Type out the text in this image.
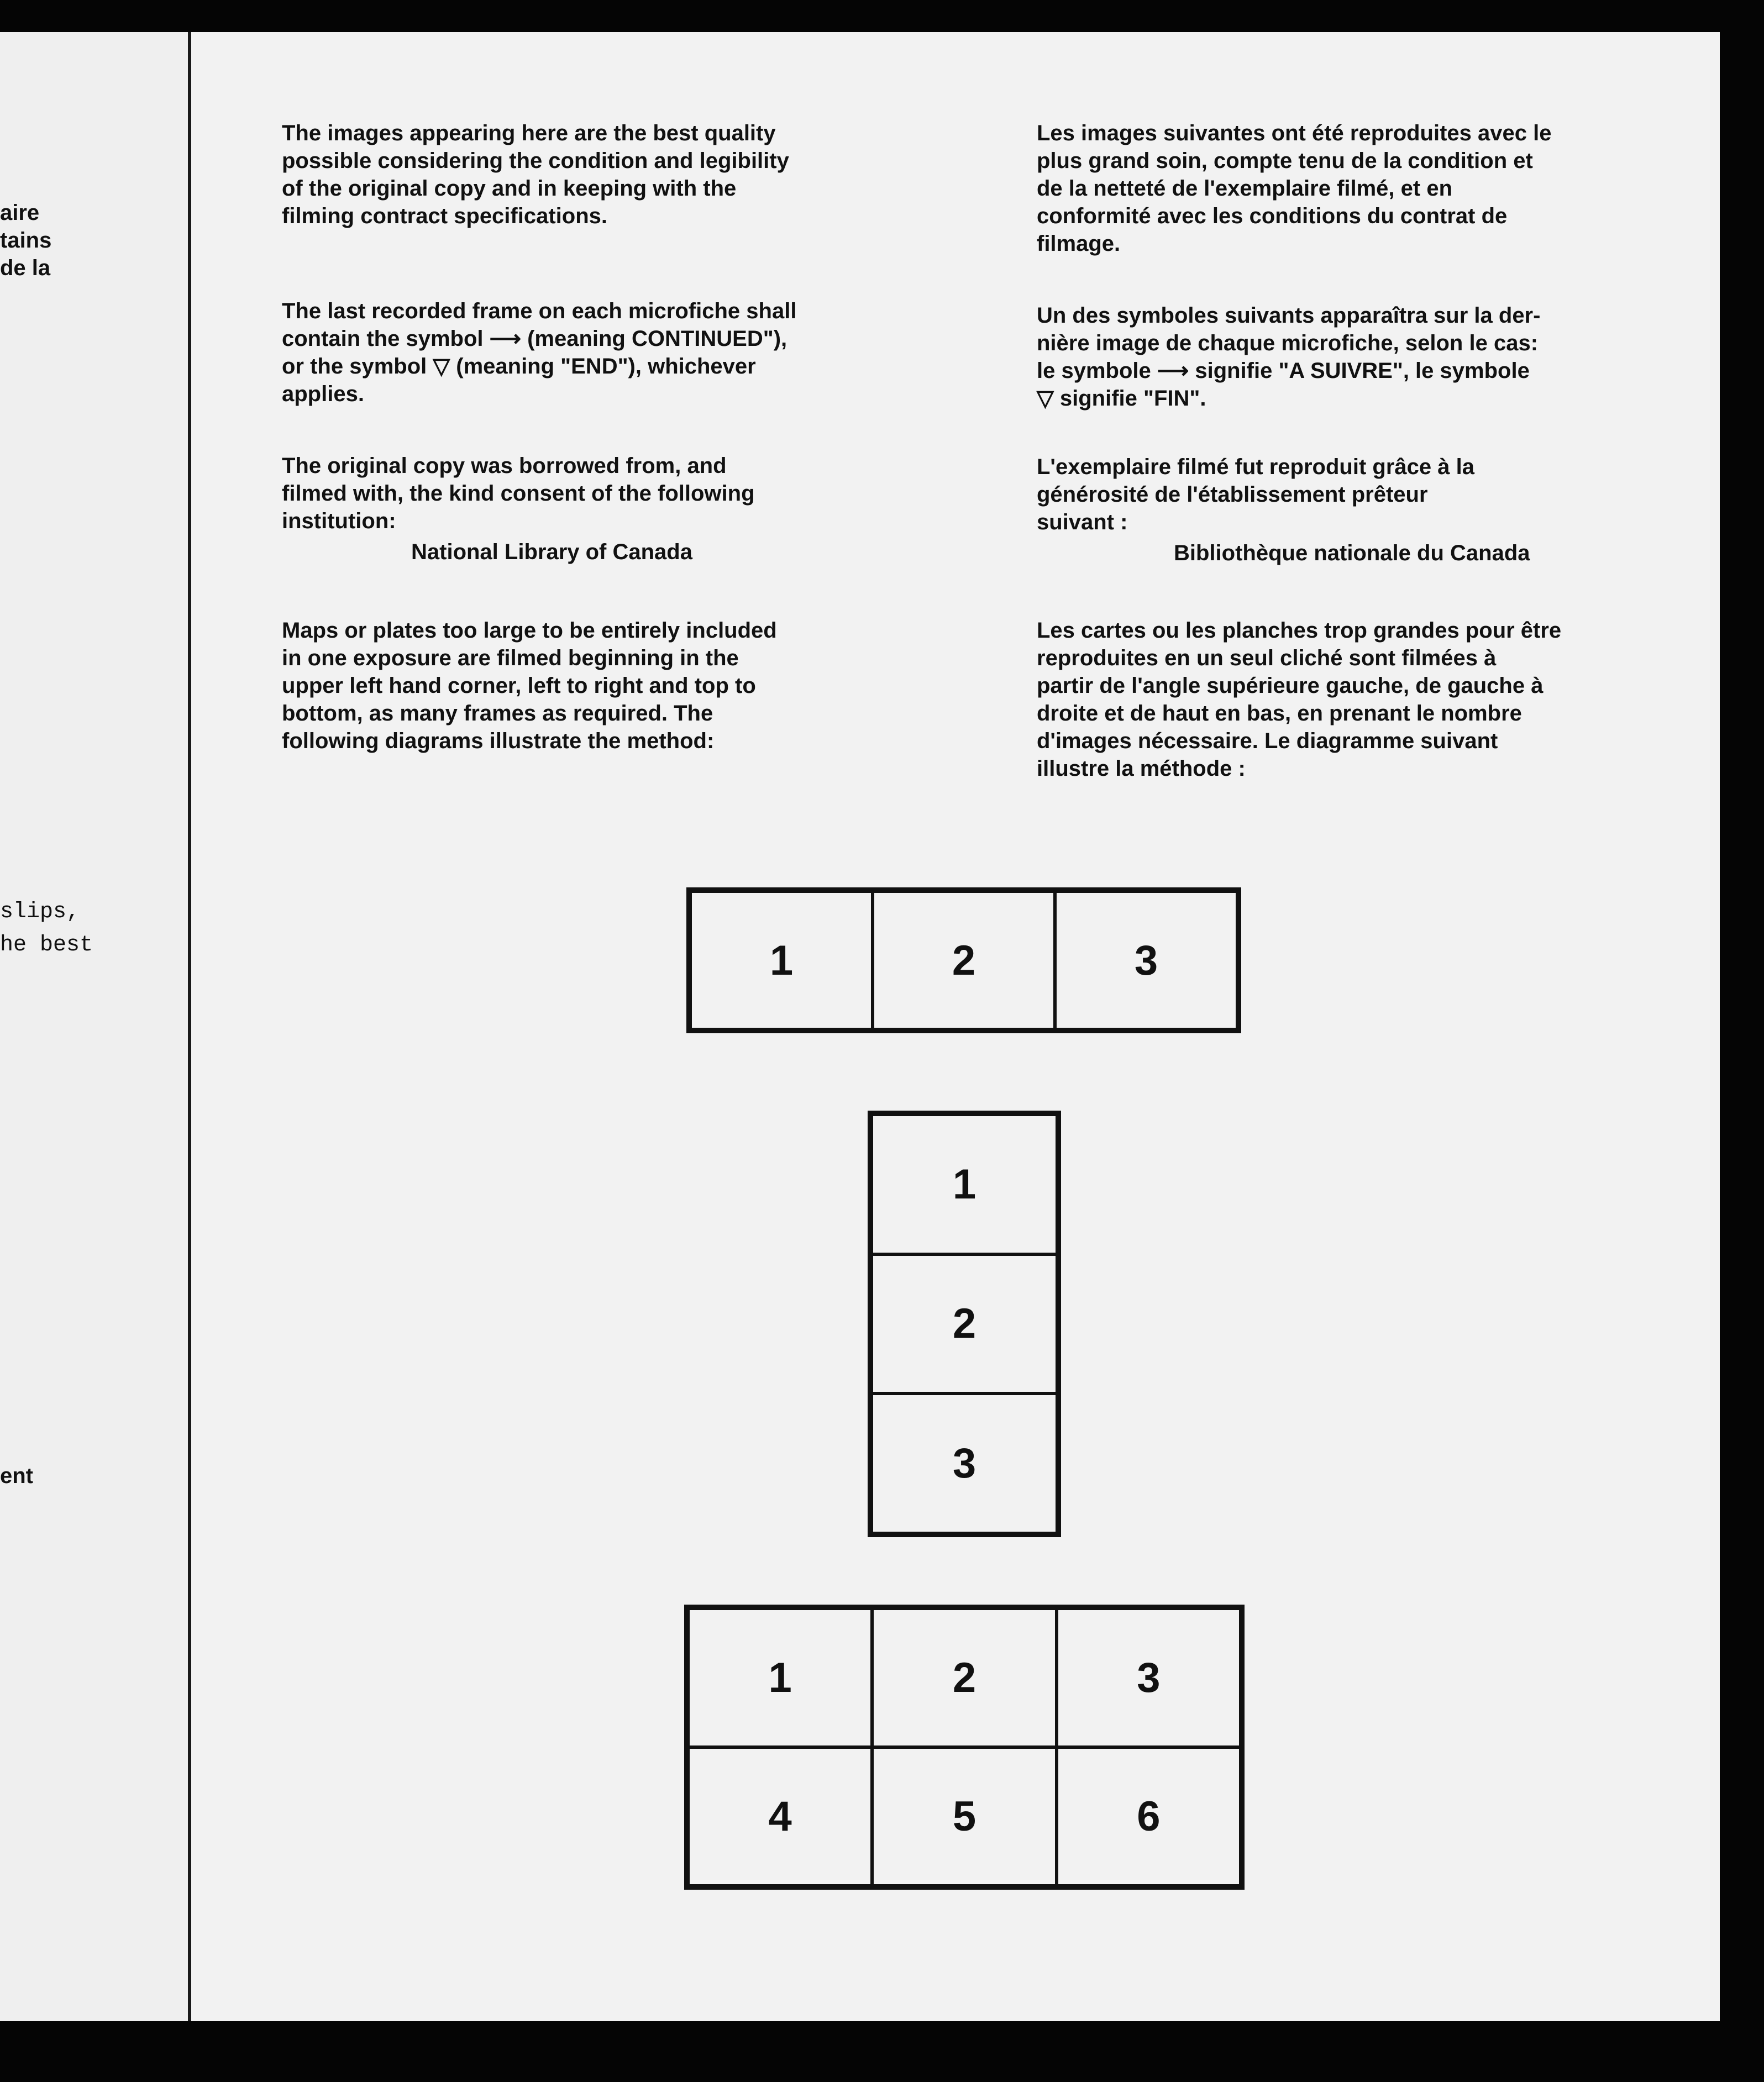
aire

tains

de la

slips,

he best

ent

The images appearing here are the best quality
possible considering the condition and legibility
of the original copy and in keeping with the
filming contract specifications.

The last recorded frame on each microfiche shall
contain the symbol ⟶ (meaning CONTINUED"),
or the symbol ▽ (meaning "END"), whichever
applies.

The original copy was borrowed from, and
filmed with, the kind consent of the following
institution:

National Library of Canada

Maps or plates too large to be entirely included
in one exposure are filmed beginning in the
upper left hand corner, left to right and top to
bottom, as many frames as required. The
following diagrams illustrate the method:

Les images suivantes ont été reproduites avec le
plus grand soin, compte tenu de la condition et
de la netteté de l'exemplaire filmé, et en
conformité avec les conditions du contrat de
filmage.

Un des symboles suivants apparaîtra sur la der-
nière image de chaque microfiche, selon le cas:
le symbole ⟶ signifie "A SUIVRE", le symbole
▽ signifie "FIN".

L'exemplaire filmé fut reproduit grâce à la
générosité de l'établissement prêteur
suivant :

Bibliothèque nationale du Canada

Les cartes ou les planches trop grandes pour être
reproduites en un seul cliché sont filmées à
partir de l'angle supérieure gauche, de gauche à
droite et de haut en bas, en prenant le nombre
d'images nécessaire. Le diagramme suivant
illustre la méthode :

1	2	3
1
2
3
1	2	3
4	5	6
